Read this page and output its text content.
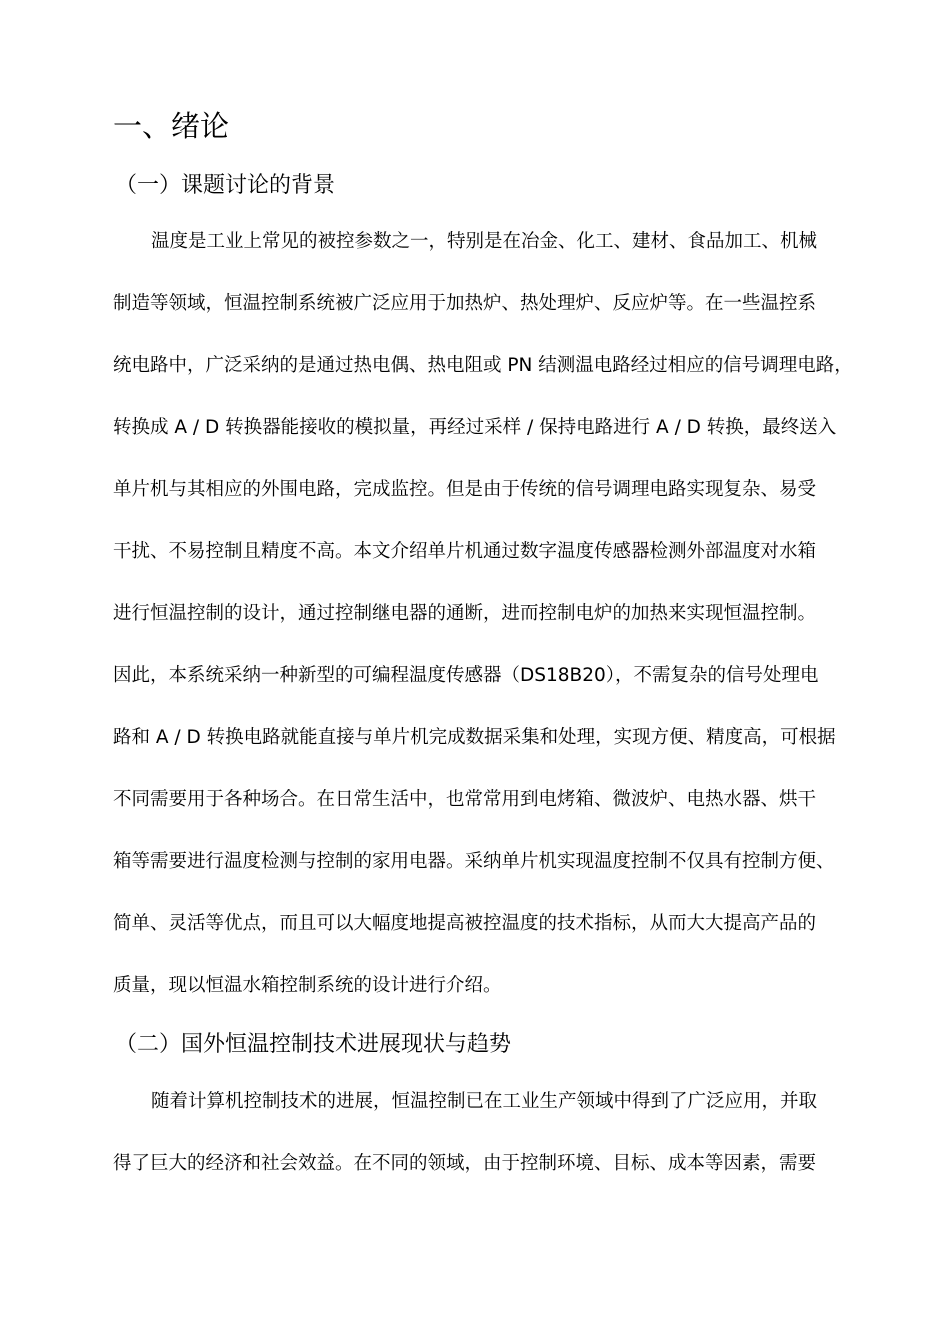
一、绪论
（一）课题讨论的背景
温度是工业上常见的被控参数之一，特别是在冶金、化工、建材、食品加工、机械
制造等领域，恒温控制系统被广泛应用于加热炉、热处理炉、反应炉等。在一些温控系
统电路中，广泛采纳的是通过热电偶、热电阻或 PN 结测温电路经过相应的信号调理电路，
转换成 A / D 转换器能接收的模拟量，再经过采样 / 保持电路进行 A / D 转换，最终送入
单片机与其相应的外围电路，完成监控。但是由于传统的信号调理电路实现复杂、易受
干扰、不易控制且精度不高。本文介绍单片机通过数字温度传感器检测外部温度对水箱
进行恒温控制的设计，通过控制继电器的通断，进而控制电炉的加热来实现恒温控制。
因此，本系统采纳一种新型的可编程温度传感器（DS18B20），不需复杂的信号处理电
路和 A / D 转换电路就能直接与单片机完成数据采集和处理，实现方便、精度高，可根据
不同需要用于各种场合。在日常生活中，也常常用到电烤箱、微波炉、电热水器、烘干
箱等需要进行温度检测与控制的家用电器。采纳单片机实现温度控制不仅具有控制方便、
简单、灵活等优点，而且可以大幅度地提高被控温度的技术指标，从而大大提高产品的
质量，现以恒温水箱控制系统的设计进行介绍。
（二）国外恒温控制技术进展现状与趋势
随着计算机控制技术的进展，恒温控制已在工业生产领域中得到了广泛应用，并取
得了巨大的经济和社会效益。在不同的领域，由于控制环境、目标、成本等因素，需要
